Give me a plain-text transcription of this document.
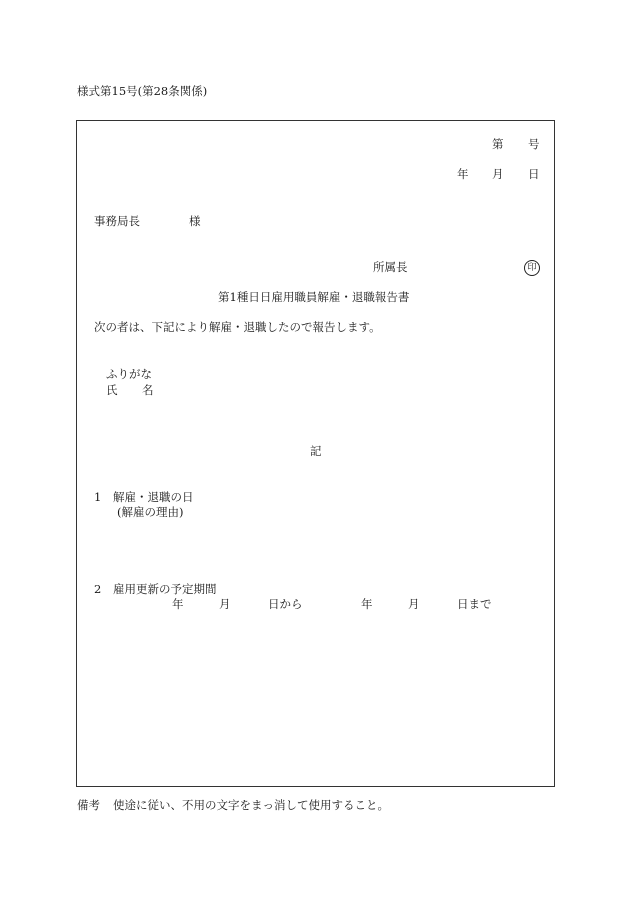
様式第15号(第28条関係)
第 号
年 月 日
事務局長	様
所属長	印
第1種日日雇用職員解雇・退職報告書
次の者は、下記により解雇・退職したので報告します。
ふりがな
氏 名
記
1 解雇・退職の日
(解雇の理由)
2 雇用更新の予定期間
年	月	日から	年	月	日まで
備考 使途に従い、不用の文字をまっ消して使用すること。
